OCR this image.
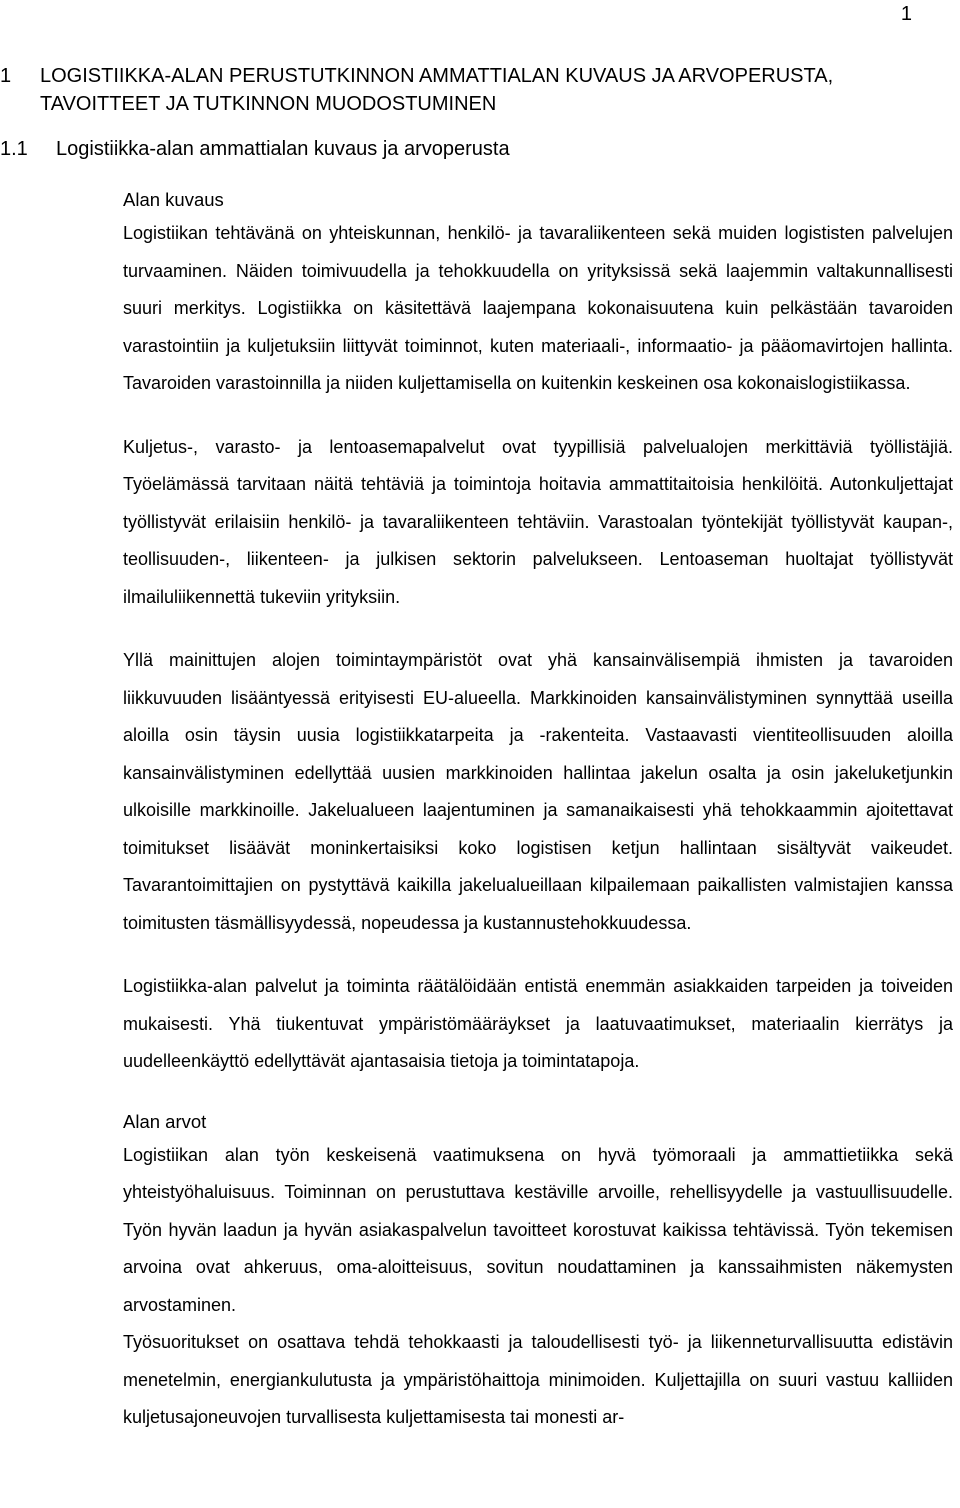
1
1	LOGISTIIKKA-ALAN PERUSTUTKINNON AMMATTIALAN KUVAUS JA ARVOPERUSTA, TAVOITTEET JA TUTKINNON MUODOSTUMINEN
1.1	Logistiikka-alan ammattialan kuvaus ja arvoperusta

Alan kuvaus

Logistiikan tehtävänä on yhteiskunnan, henkilö- ja tavaraliikenteen sekä muiden logististen palvelujen turvaaminen. Näiden toimivuudella ja tehokkuudella on yrityksissä sekä laajemmin valtakunnallisesti suuri merkitys. Logistiikka on käsitettävä laajempana kokonaisuutena kuin pelkästään tavaroiden varastointiin ja kuljetuksiin liittyvät toiminnot, kuten materiaali-, informaatio- ja pääomavirtojen hallinta. Tavaroiden varastoinnilla ja niiden kuljettamisella on kuitenkin keskeinen osa kokonaislogistiikassa.

Kuljetus-, varasto- ja lentoasemapalvelut ovat tyypillisiä palvelualojen merkittäviä työllistäjiä. Työelämässä tarvitaan näitä tehtäviä ja toimintoja hoitavia ammattitaitoisia henkilöitä. Autonkuljettajat työllistyvät erilaisiin henkilö- ja tavaraliikenteen tehtäviin. Varastoalan työntekijät työllistyvät kaupan-, teollisuuden-, liikenteen- ja julkisen sektorin palvelukseen. Lentoaseman huoltajat työllistyvät ilmailuliikennettä tukeviin yrityksiin.

Yllä mainittujen alojen toimintaympäristöt ovat yhä kansainvälisempiä ihmisten ja tavaroiden liikkuvuuden lisääntyessä erityisesti EU-alueella. Markkinoiden kansainvälistyminen synnyttää useilla aloilla osin täysin uusia logistiikkatarpeita ja -rakenteita. Vastaavasti vientiteollisuuden aloilla kansainvälistyminen edellyttää uusien markkinoiden hallintaa jakelun osalta ja osin jakeluketjunkin ulkoisille markkinoille. Jakelualueen laajentuminen ja samanaikaisesti yhä tehokkaammin ajoitettavat toimitukset lisäävät moninkertaisiksi koko logistisen ketjun hallintaan sisältyvät vaikeudet. Tavarantoimittajien on pystyttävä kaikilla jakelualueillaan kilpailemaan paikallisten valmistajien kanssa toimitusten täsmällisyydessä, nopeudessa ja kustannustehokkuudessa.

Logistiikka-alan palvelut ja toiminta räätälöidään entistä enemmän asiakkaiden tarpeiden ja toiveiden mukaisesti. Yhä tiukentuvat ympäristömääräykset ja laatuvaatimukset, materiaalin kierrätys ja uudelleenkäyttö edellyttävät ajantasaisia tietoja ja toimintatapoja.

Alan arvot

Logistiikan alan työn keskeisenä vaatimuksena on hyvä työmoraali ja ammattietiikka sekä yhteistyöhaluisuus. Toiminnan on perustuttava kestäville arvoille, rehellisyydelle ja vastuullisuudelle. Työn hyvän laadun ja hyvän asiakaspalvelun tavoitteet korostuvat kaikissa tehtävissä. Työn tekemisen arvoina ovat ahkeruus, oma-aloitteisuus, sovitun noudattaminen ja kanssaihmisten näkemysten arvostaminen.

Työsuoritukset on osattava tehdä tehokkaasti ja taloudellisesti työ- ja liikenneturvallisuutta edistävin menetelmin, energiankulutusta ja ympäristöhaittoja minimoiden. Kuljettajilla on suuri vastuu kalliiden kuljetusajoneuvojen turvallisesta kuljettamisesta tai monesti ar-
